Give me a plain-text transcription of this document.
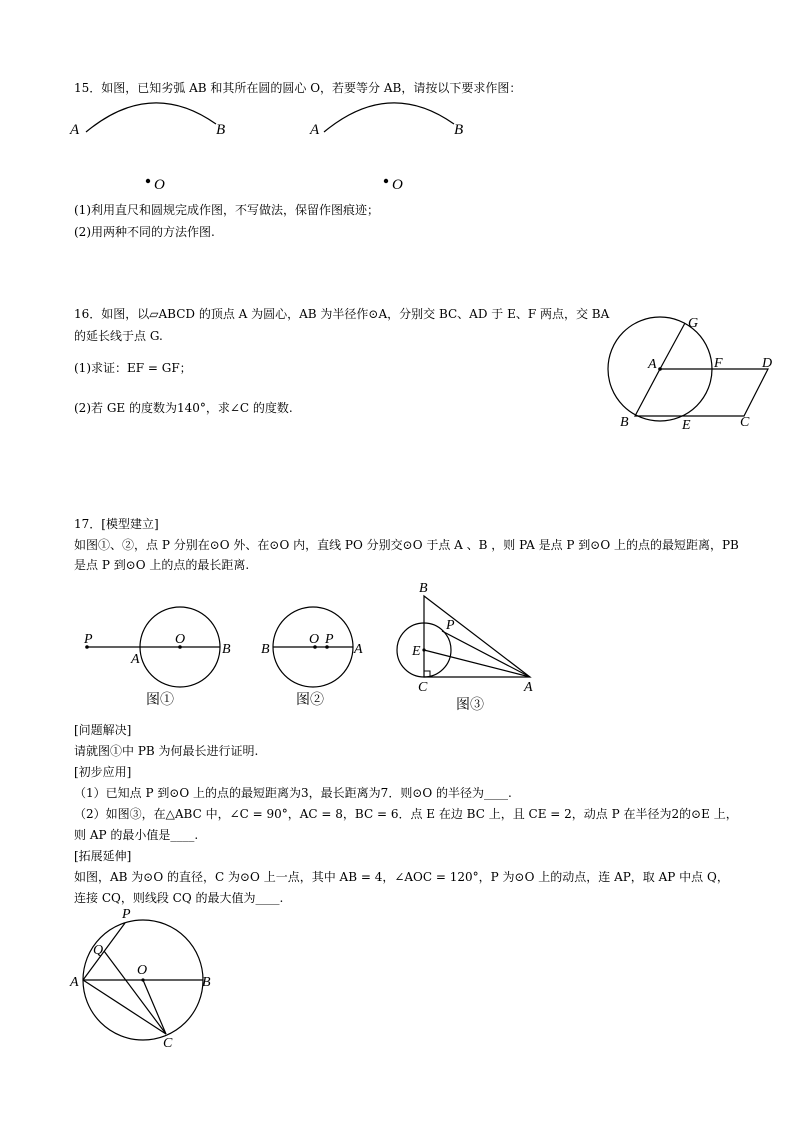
15．如图，已知劣弧 AB 和其所在圆的圆心 O，若要等分 AB，请按以下要求作图：
A	B
O
A	B
O
(1)利用直尺和圆规完成作图，不写做法，保留作图痕迹；
(2)用两种不同的方法作图.
16．如图，以▱ABCD 的顶点 A 为圆心，AB 为半径作⊙A，分别交 BC、AD 于 E、F 两点，交 BA
的延长线于点 G.
(1)求证：EF = GF；
(2)若 GE 的度数为140°，求∠C 的度数.
G
A	F	D
B	E	C
17．[模型建立]
如图①、②，点 P 分别在⊙O 外、在⊙O 内，直线 PO 分别交⊙O 于点 A 、B ，则 PA 是点 P 到⊙O 上的点的最短距离，PB
是点 P 到⊙O 上的点的最长距离.
P	O
A
B
图①
B
O P
A
图②
B
P
E
C	A
图③
[问题解决]
请就图①中 PB 为何最长进行证明.
[初步应用]
（1）已知点 P 到⊙O 上的点的最短距离为3，最长距离为7．则⊙O 的半径为____.
（2）如图③，在△ABC 中，∠C = 90°，AC = 8，BC = 6．点 E 在边 BC 上，且 CE = 2，动点 P 在半径为2的⊙E 上，
则 AP 的最小值是____.
[拓展延伸]
如图，AB 为⊙O 的直径，C 为⊙O 上一点，其中 AB = 4，∠AOC = 120°，P 为⊙O 上的动点，连 AP，取 AP 中点 Q，
连接 CQ，则线段 CQ 的最大值为____.
P
Q
O
A	B
C
